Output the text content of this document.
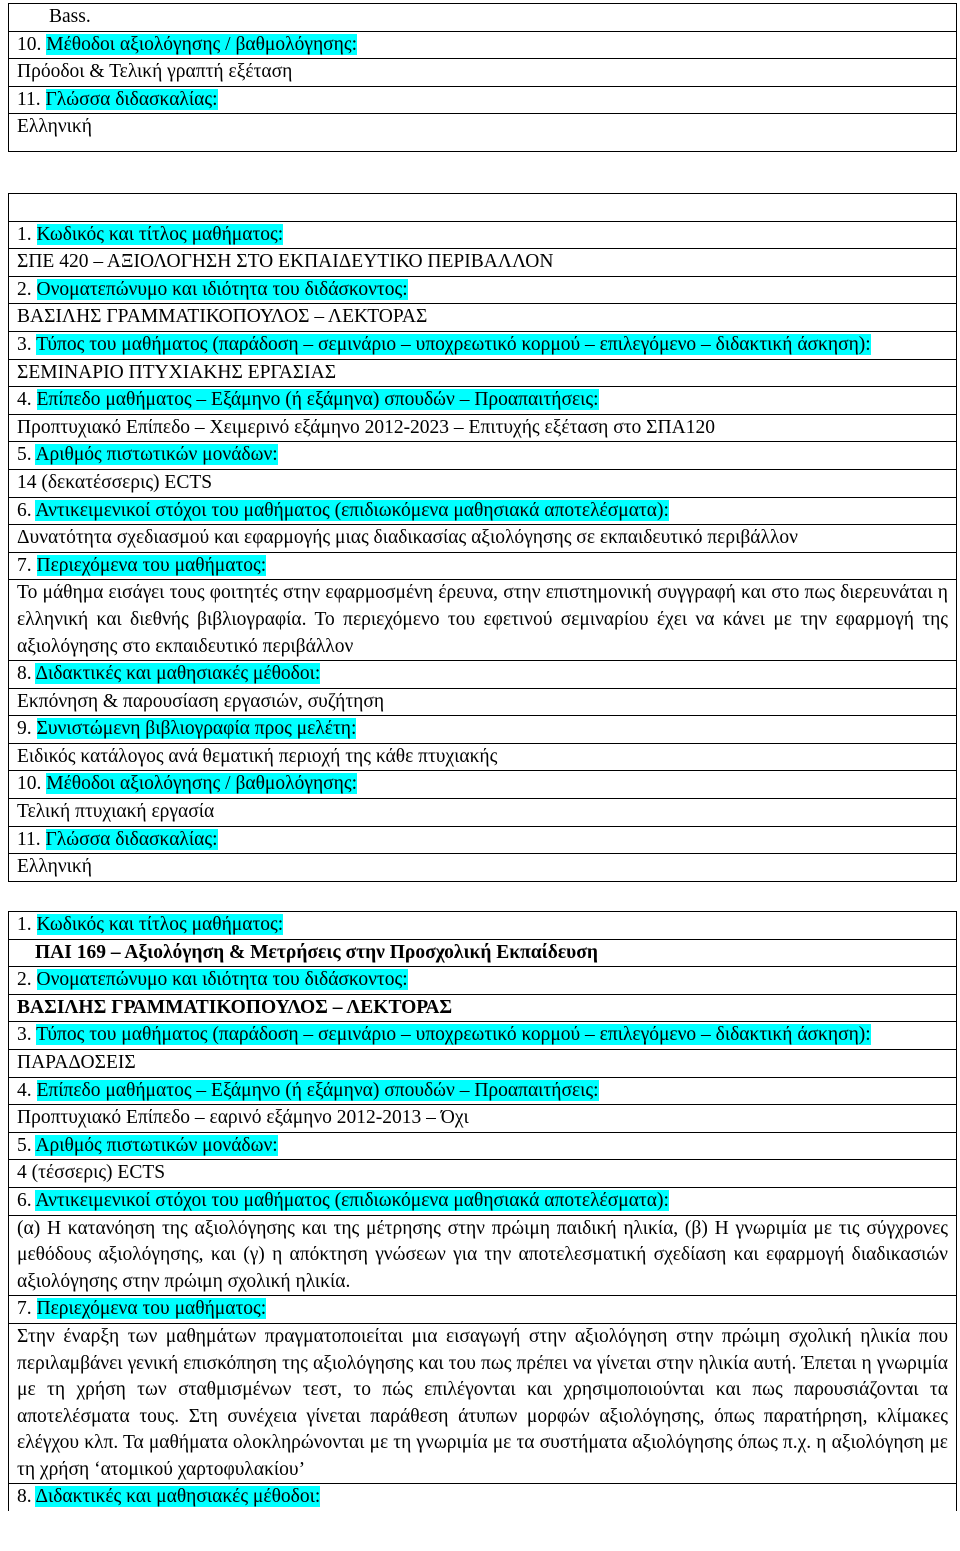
Bass.
10. Μέθοδοι αξιολόγησης / βαθμολόγησης:
Πρόοδοι & Τελική γραπτή εξέταση
11. Γλώσσα διδασκαλίας:
Ελληνική
1. Κωδικός και τίτλος μαθήματος:
ΣΠΕ 420 – ΑΞΙΟΛΟΓΗΣΗ ΣΤΟ ΕΚΠΑΙΔΕΥΤΙΚΟ ΠΕΡΙΒΑΛΛΟΝ
2. Ονοματεπώνυμο και ιδιότητα του διδάσκοντος:
ΒΑΣΙΛΗΣ ΓΡΑΜΜΑΤΙΚΟΠΟΥΛΟΣ – ΛΕΚΤΟΡΑΣ
3. Τύπος του μαθήματος (παράδοση – σεμινάριο – υποχρεωτικό κορμού – επιλεγόμενο – διδακτική άσκηση):
ΣΕΜΙΝΑΡΙΟ ΠΤΥΧΙΑΚΗΣ ΕΡΓΑΣΙΑΣ
4. Επίπεδο μαθήματος – Εξάμηνο (ή εξάμηνα) σπουδών – Προαπαιτήσεις:
Προπτυχιακό Επίπεδο – Χειμερινό εξάμηνο 2012-2023 – Επιτυχής εξέταση στο ΣΠΑ120
5. Αριθμός πιστωτικών μονάδων:
14 (δεκατέσσερις) ECTS
6. Αντικειμενικοί στόχοι του μαθήματος (επιδιωκόμενα μαθησιακά αποτελέσματα):
Δυνατότητα σχεδιασμού και εφαρμογής μιας διαδικασίας αξιολόγησης σε εκπαιδευτικό περιβάλλον
7. Περιεχόμενα του μαθήματος:
Το μάθημα εισάγει τους φοιτητές στην εφαρμοσμένη έρευνα, στην επιστημονική συγγραφή και στο πως διερευνάται η ελληνική και διεθνής βιβλιογραφία. Το περιεχόμενο του εφετινού σεμιναρίου έχει να κάνει με την εφαρμογή της αξιολόγησης στο εκπαιδευτικό περιβάλλον
8. Διδακτικές και μαθησιακές μέθοδοι:
Εκπόνηση & παρουσίαση εργασιών, συζήτηση
9. Συνιστώμενη βιβλιογραφία προς μελέτη:
Ειδικός κατάλογος ανά θεματική περιοχή της κάθε πτυχιακής
10. Μέθοδοι αξιολόγησης / βαθμολόγησης:
Τελική πτυχιακή εργασία
11. Γλώσσα διδασκαλίας:
Ελληνική
1. Κωδικός και τίτλος μαθήματος:
ΠΑΙ 169 – Αξιολόγηση & Μετρήσεις στην Προσχολική Εκπαίδευση
2. Ονοματεπώνυμο και ιδιότητα του διδάσκοντος:
ΒΑΣΙΛΗΣ ΓΡΑΜΜΑΤΙΚΟΠΟΥΛΟΣ – ΛΕΚΤΟΡΑΣ
3. Τύπος του μαθήματος (παράδοση – σεμινάριο – υποχρεωτικό κορμού – επιλεγόμενο – διδακτική άσκηση):
ΠΑΡΑΔΟΣΕΙΣ
4. Επίπεδο μαθήματος – Εξάμηνο (ή εξάμηνα) σπουδών – Προαπαιτήσεις:
Προπτυχιακό Επίπεδο – εαρινό εξάμηνο 2012-2013 – Όχι
5. Αριθμός πιστωτικών μονάδων:
4 (τέσσερις) ECTS
6. Αντικειμενικοί στόχοι του μαθήματος (επιδιωκόμενα μαθησιακά αποτελέσματα):
(α) Η κατανόηση της αξιολόγησης και της μέτρησης στην πρώιμη παιδική ηλικία, (β) Η γνωριμία με τις σύγχρονες μεθόδους αξιολόγησης, και (γ) η απόκτηση γνώσεων για την αποτελεσματική σχεδίαση και εφαρμογή διαδικασιών αξιολόγησης στην πρώιμη σχολική ηλικία.
7. Περιεχόμενα του μαθήματος:
Στην έναρξη των μαθημάτων πραγματοποιείται μια εισαγωγή στην αξιολόγηση στην πρώιμη σχολική ηλικία που περιλαμβάνει γενική επισκόπηση της αξιολόγησης και του πως πρέπει να γίνεται στην ηλικία αυτή. Έπεται η γνωριμία με τη χρήση των σταθμισμένων τεστ, το πώς επιλέγονται και χρησιμοποιούνται και πως παρουσιάζονται τα αποτελέσματα τους. Στη συνέχεια γίνεται παράθεση άτυπων μορφών αξιολόγησης, όπως παρατήρηση, κλίμακες ελέγχου κλπ. Τα μαθήματα ολοκληρώνονται με τη γνωριμία με τα συστήματα αξιολόγησης όπως π.χ. η αξιολόγηση με τη χρήση ‘ατομικού χαρτοφυλακίου’
8. Διδακτικές και μαθησιακές μέθοδοι:
